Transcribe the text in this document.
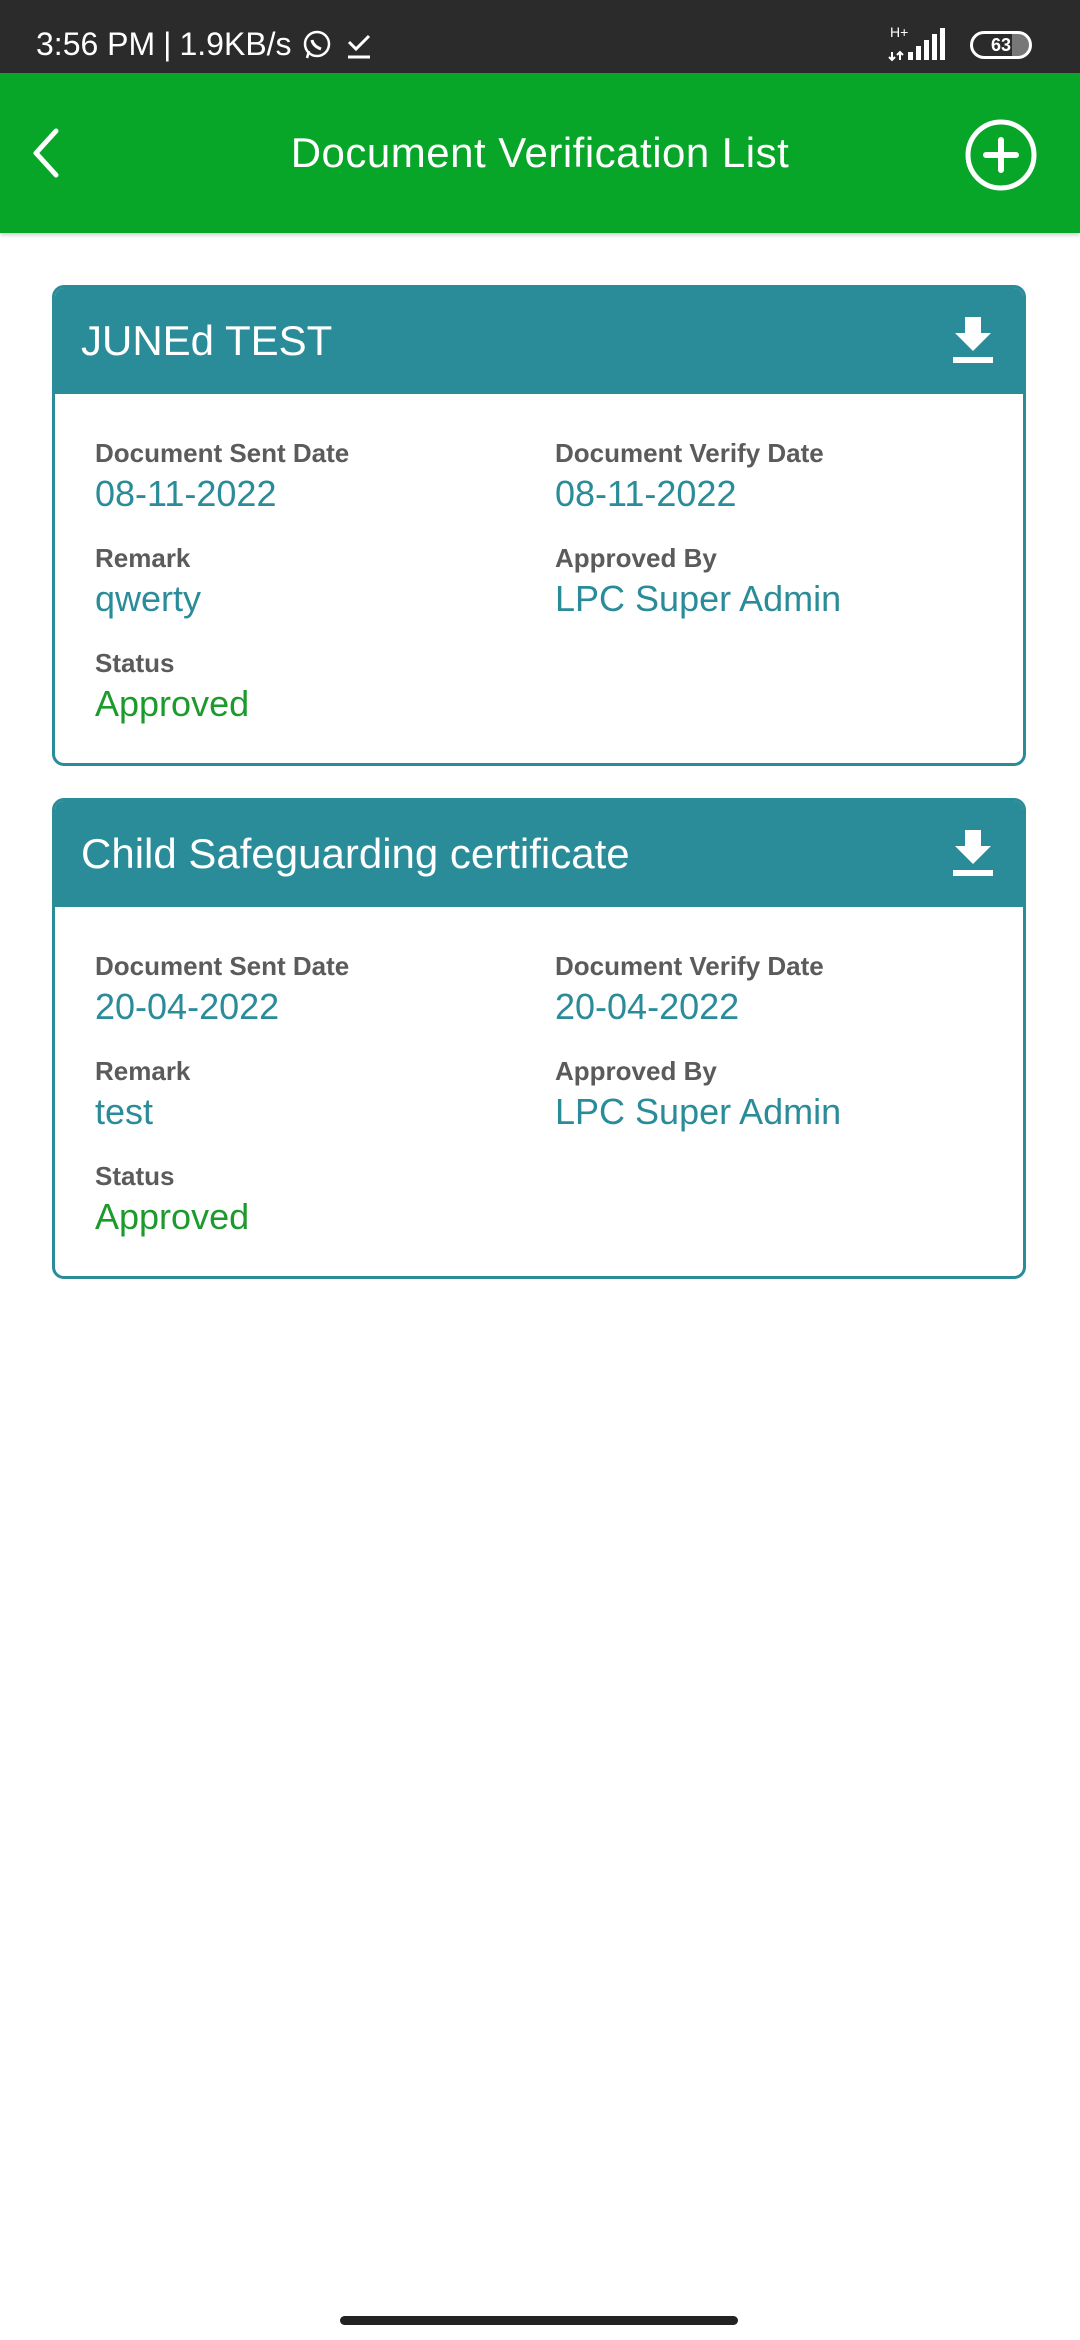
3:56 PM | 1.9KB/s	H+
63
Document Verification List
JUNEd TEST
Document Sent Date
08-11-2022
Document Verify Date
08-11-2022
Remark
qwerty
Approved By
LPC Super Admin
Status
Approved
Child Safeguarding certificate
Document Sent Date
20-04-2022
Document Verify Date
20-04-2022
Remark
test
Approved By
LPC Super Admin
Status
Approved
